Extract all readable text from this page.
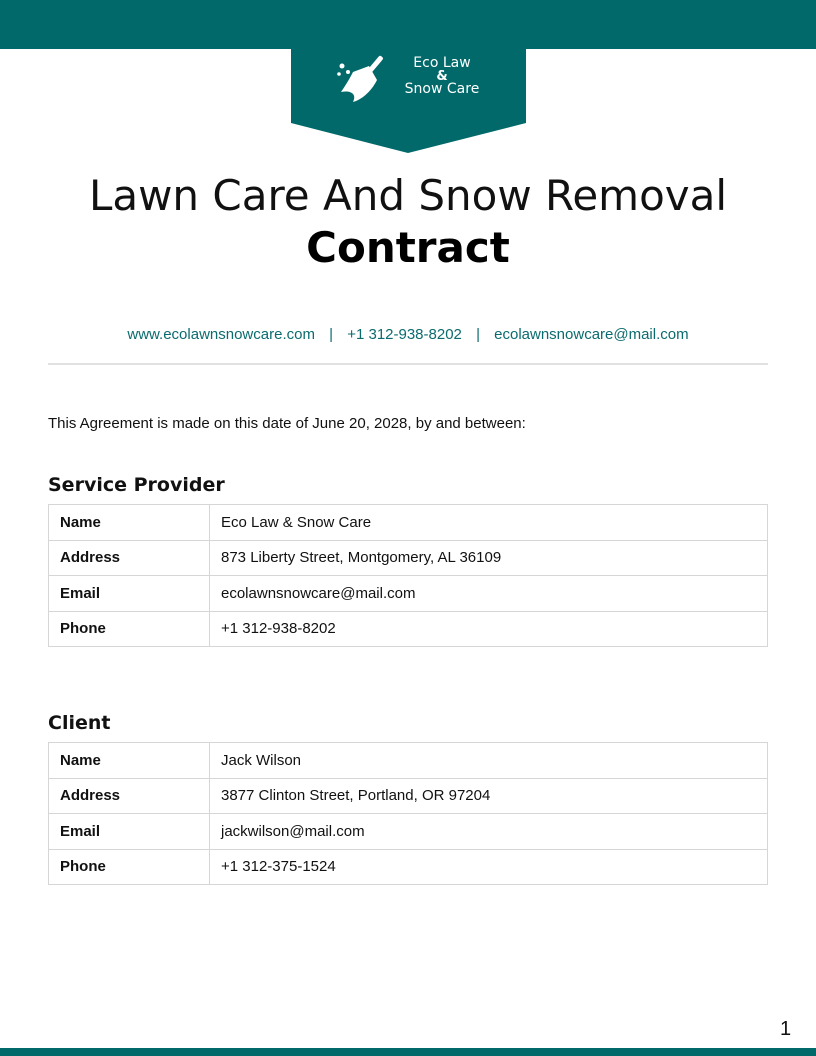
Eco Law
&
Snow Care
Lawn Care And Snow Removal
Contract
www.ecolawnsnowcare.com | +1 312-938-8202 | ecolawnsnowcare@mail.com
This Agreement is made on this date of June 20, 2028, by and between:
Service Provider
Name	Eco Law & Snow Care
Address	873 Liberty Street, Montgomery, AL 36109
Email	ecolawnsnowcare@mail.com
Phone	+1 312-938-8202
Client
Name	Jack Wilson
Address	3877 Clinton Street, Portland, OR 97204
Email	jackwilson@mail.com
Phone	+1 312-375-1524
1
